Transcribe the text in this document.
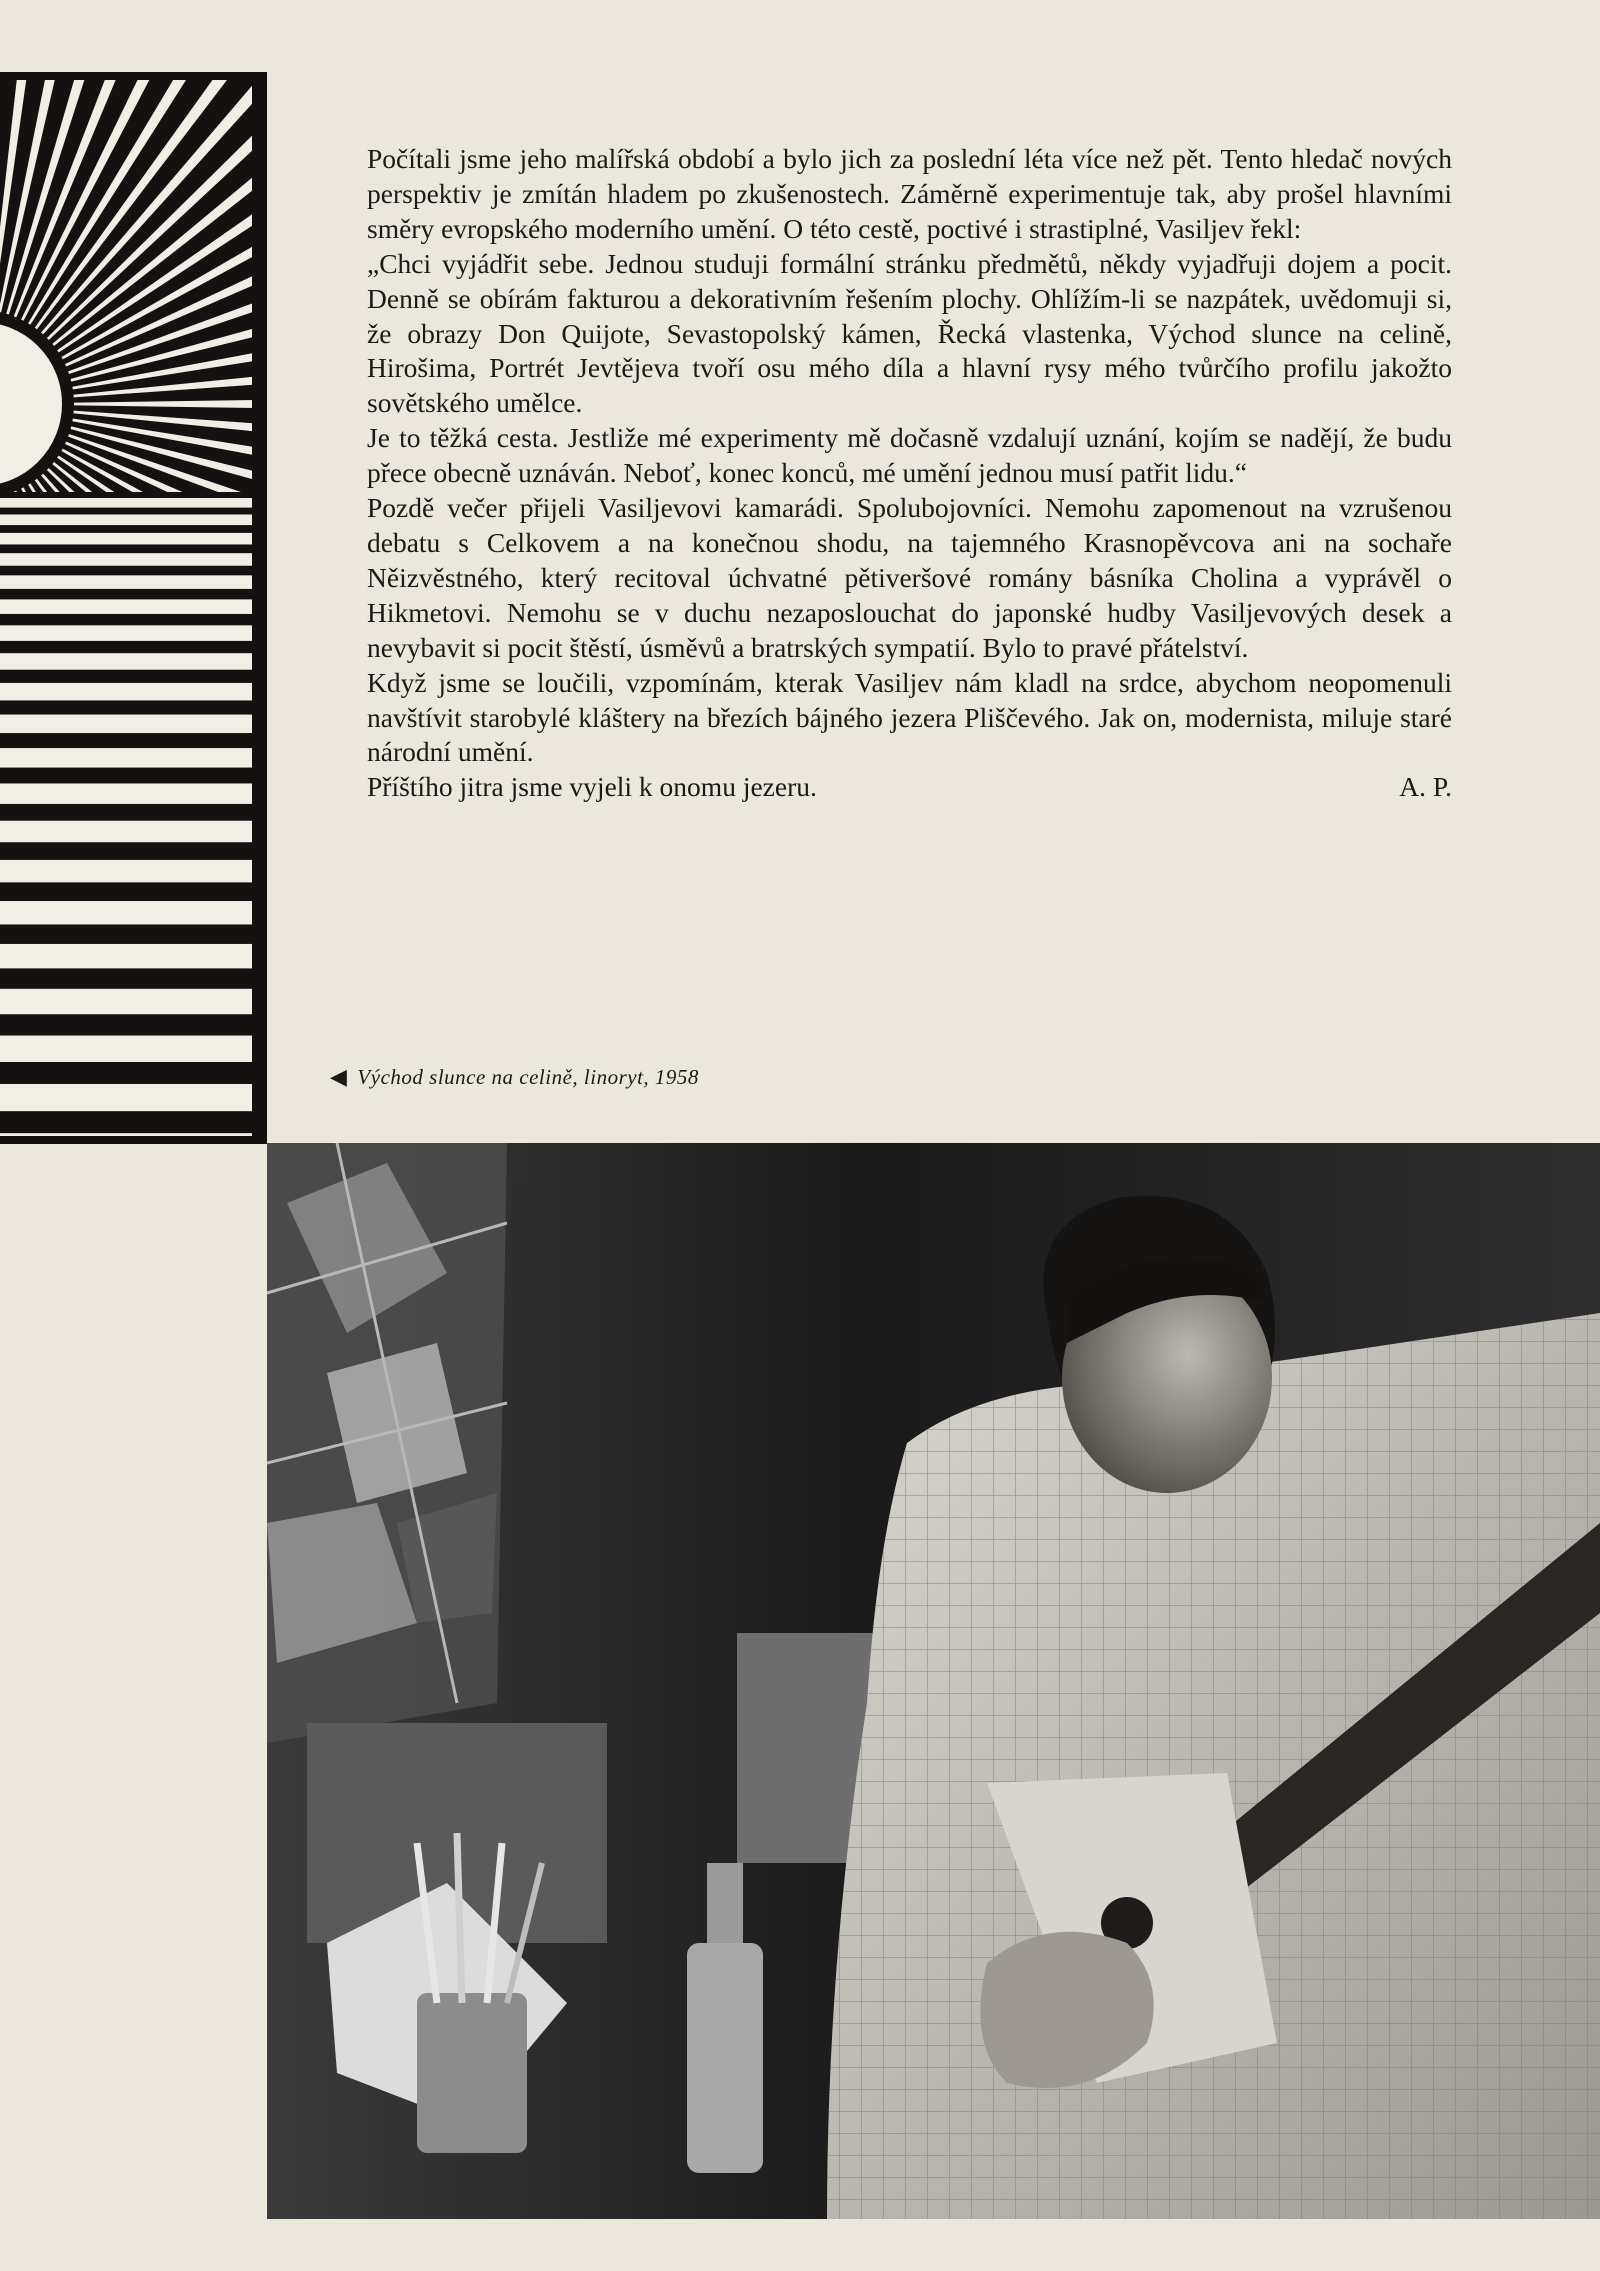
Počítali jsme jeho malířská období a bylo jich za poslední léta více než pět. Tento hledač nových perspektiv je zmítán hladem po zkušenostech. Záměrně experimentuje tak, aby prošel hlavními směry evropského moderního umění. O této cestě, poctivé i strastiplné, Vasiljev řekl:

„Chci vyjádřit sebe. Jednou studuji formální stránku předmětů, někdy vyjadřuji dojem a pocit. Denně se obírám fakturou a dekorativním řešením plochy. Ohlížím-li se nazpátek, uvědomuji si, že obrazy Don Quijote, Sevastopolský kámen, Řecká vlastenka, Východ slunce na celině, Hirošima, Portrét Jevtějeva tvoří osu mého díla a hlavní rysy mého tvůrčího profilu jakožto sovětského umělce.

Je to těžká cesta. Jestliže mé experimenty mě dočasně vzdalují uznání, kojím se nadějí, že budu přece obecně uznáván. Neboť, konec konců, mé umění jednou musí patřit lidu.“

Pozdě večer přijeli Vasiljevovi kamarádi. Spolubojovníci. Nemohu zapomenout na vzrušenou debatu s Celkovem a na konečnou shodu, na tajemného Krasnopěvcova ani na sochaře Něizvěstného, který recitoval úchvatné pětiveršové romány básníka Cholina a vyprávěl o Hikmetovi. Nemohu se v duchu nezaposlouchat do japonské hudby Vasiljevových desek a nevybavit si pocit štěstí, úsměvů a bratrských sympatií. Bylo to pravé přátelství.

Když jsme se loučili, vzpomínám, kterak Vasiljev nám kladl na srdce, abychom neopomenuli navštívit starobylé kláštery na březích bájného jezera Pliščevého. Jak on, modernista, miluje staré národní umění.

Příštího jitra jsme vyjeli k onomu jezeru.	A. P.
◀ Východ slunce na celině, linoryt, 1958
